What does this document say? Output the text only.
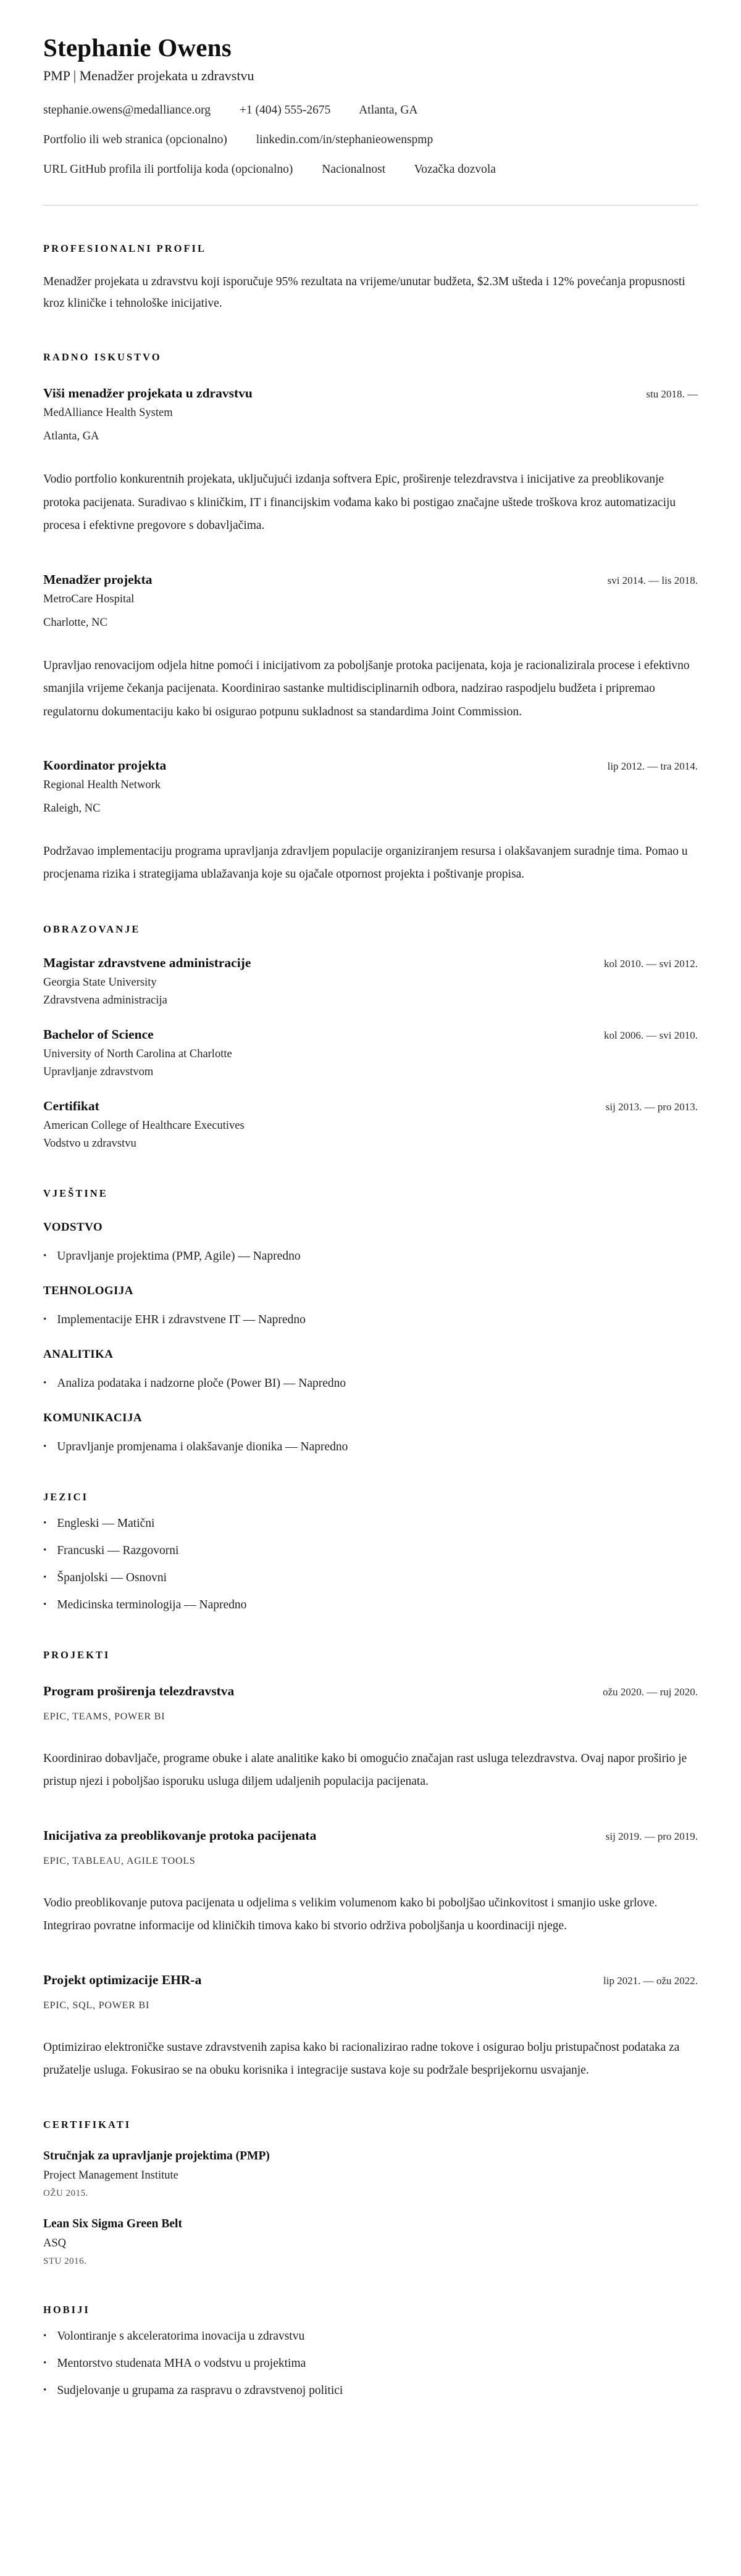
Stephanie Owens
PMP | Menadžer projekata u zdravstvu
stephanie.owens@medalliance.org +1 (404) 555-2675 Atlanta, GA
Portfolio ili web stranica (opcionalno) linkedin.com/in/stephanieowenspmp
URL GitHub profila ili portfolija koda (opcionalno) Nacionalnost Vozačka dozvola
PROFESIONALNI PROFIL
Menadžer projekata u zdravstvu koji isporučuje 95% rezultata na vrijeme/unutar budžeta, $2.3M ušteda i 12% povećanja propusnosti kroz kliničke i tehnološke inicijative.
RADNO ISKUSTVO
Viši menadžer projekata u zdravstvu	stu 2018. —
MedAlliance Health System
Atlanta, GA
Vodio portfolio konkurentnih projekata, uključujući izdanja softvera Epic, proširenje telezdravstva i inicijative za preoblikovanje protoka pacijenata. Suradivao s kliničkim, IT i financijskim vođama kako bi postigao značajne uštede troškova kroz automatizaciju procesa i efektivne pregovore s dobavljačima.
Menadžer projekta	svi 2014. — lis 2018.
MetroCare Hospital
Charlotte, NC
Upravljao renovacijom odjela hitne pomoći i inicijativom za poboljšanje protoka pacijenata, koja je racionalizirala procese i efektivno smanjila vrijeme čekanja pacijenata. Koordinirao sastanke multidisciplinarnih odbora, nadzirao raspodjelu budžeta i pripremao regulatornu dokumentaciju kako bi osigurao potpunu sukladnost sa standardima Joint Commission.
Koordinator projekta	lip 2012. — tra 2014.
Regional Health Network
Raleigh, NC
Podržavao implementaciju programa upravljanja zdravljem populacije organiziranjem resursa i olakšavanjem suradnje tima. Pomao u procjenama rizika i strategijama ublažavanja koje su ojačale otpornost projekta i poštivanje propisa.
OBRAZOVANJE
Magistar zdravstvene administracije	kol 2010. — svi 2012.
Georgia State University
Zdravstvena administracija
Bachelor of Science	kol 2006. — svi 2010.
University of North Carolina at Charlotte
Upravljanje zdravstvom
Certifikat	sij 2013. — pro 2013.
American College of Healthcare Executives
Vodstvo u zdravstvu
VJEŠTINE
VODSTVO
• Upravljanje projektima (PMP, Agile) — Napredno
TEHNOLOGIJA
• Implementacije EHR i zdravstvene IT — Napredno
ANALITIKA
• Analiza podataka i nadzorne ploče (Power BI) — Napredno
KOMUNIKACIJA
• Upravljanje promjenama i olakšavanje dionika — Napredno
JEZICI
• Engleski — Matični
• Francuski — Razgovorni
• Španjolski — Osnovni
• Medicinska terminologija — Napredno
PROJEKTI
Program proširenja telezdravstva	ožu 2020. — ruj 2020.
EPIC, TEAMS, POWER BI
Koordinirao dobavljače, programe obuke i alate analitike kako bi omogućio značajan rast usluga telezdravstva. Ovaj napor proširio je pristup njezi i poboljšao isporuku usluga diljem udaljenih populacija pacijenata.
Inicijativa za preoblikovanje protoka pacijenata	sij 2019. — pro 2019.
EPIC, TABLEAU, AGILE TOOLS
Vodio preoblikovanje putova pacijenata u odjelima s velikim volumenom kako bi poboljšao učinkovitost i smanjio uske grlove. Integrirao povratne informacije od kliničkih timova kako bi stvorio održiva poboljšanja u koordinaciji njege.
Projekt optimizacije EHR-a	lip 2021. — ožu 2022.
EPIC, SQL, POWER BI
Optimizirao elektroničke sustave zdravstvenih zapisa kako bi racionalizirao radne tokove i osigurao bolju pristupačnost podataka za pružatelje usluga. Fokusirao se na obuku korisnika i integracije sustava koje su podržale besprijekornu usvajanje.
CERTIFIKATI
Stručnjak za upravljanje projektima (PMP)
Project Management Institute
OŽU 2015.
Lean Six Sigma Green Belt
ASQ
STU 2016.
HOBIJI
• Volontiranje s akceleratorima inovacija u zdravstvu
• Mentorstvo studenata MHA o vodstvu u projektima
• Sudjelovanje u grupama za raspravu o zdravstvenoj politici
